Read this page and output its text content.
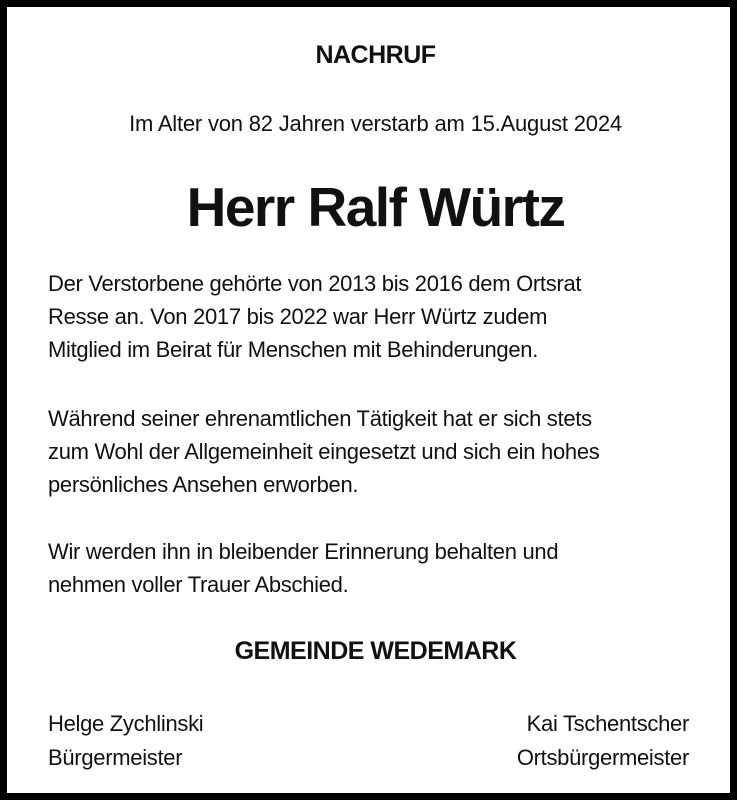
NACHRUF

Im Alter von 82 Jahren verstarb am 15.August 2024

Herr Ralf Würtz
Der Verstorbene gehörte von 2013 bis 2016 dem Ortsrat
Resse an. Von 2017 bis 2022 war Herr Würtz zudem
Mitglied im Beirat für Menschen mit Behinderungen.
Während seiner ehrenamtlichen Tätigkeit hat er sich stets
zum Wohl der Allgemeinheit eingesetzt und sich ein hohes
persönliches Ansehen erworben.
Wir werden ihn in bleibender Erinnerung behalten und
nehmen voller Trauer Abschied.
GEMEINDE WEDEMARK
Helge Zychlinski
Bürgermeister
Kai Tschentscher
Ortsbürgermeister
